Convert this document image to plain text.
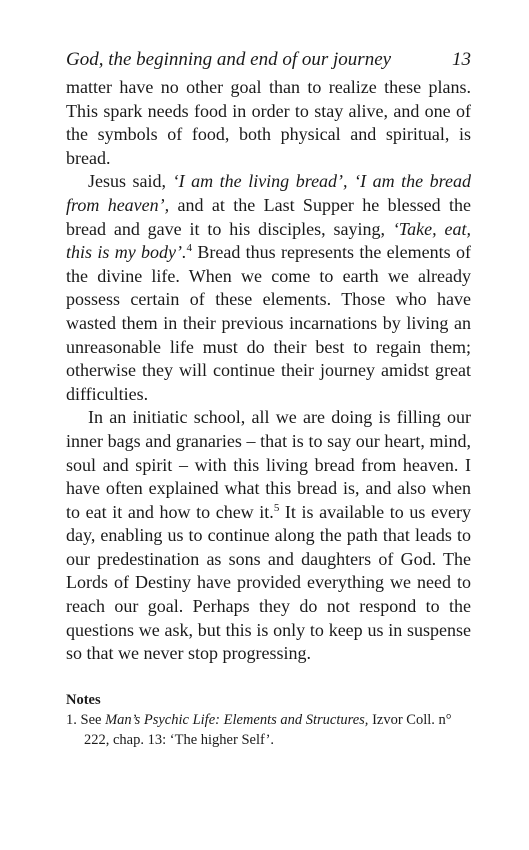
God, the beginning and end of our journey	13

matter have no other goal than to realize these plans. This spark needs food in order to stay alive, and one of the symbols of food, both physical and spiritual, is bread.

Jesus said, ‘I am the living bread’, ‘I am the bread from heaven’, and at the Last Supper he blessed the bread and gave it to his disciples, saying, ‘Take, eat, this is my body’.$^4$ Bread thus represents the elements of the divine life. When we come to earth we already possess certain of these elements. Those who have wasted them in their previous incarnations by living an unreasonable life must do their best to regain them; otherwise they will continue their journey amidst great difficulties.

In an initiatic school, all we are doing is filling our inner bags and granaries – that is to say our heart, mind, soul and spirit – with this living bread from heaven. I have often explained what this bread is, and also when to eat it and how to chew it.$^5$ It is available to us every day, enabling us to continue along the path that leads to our predestination as sons and daughters of God. The Lords of Destiny have provided everything we need to reach our goal. Perhaps they do not respond to the questions we ask, but this is only to keep us in suspense so that we never stop progressing.

Notes

1. See Man’s Psychic Life: Elements and Structures, Izvor Coll. n° 222, chap. 13: ‘The higher Self’.
